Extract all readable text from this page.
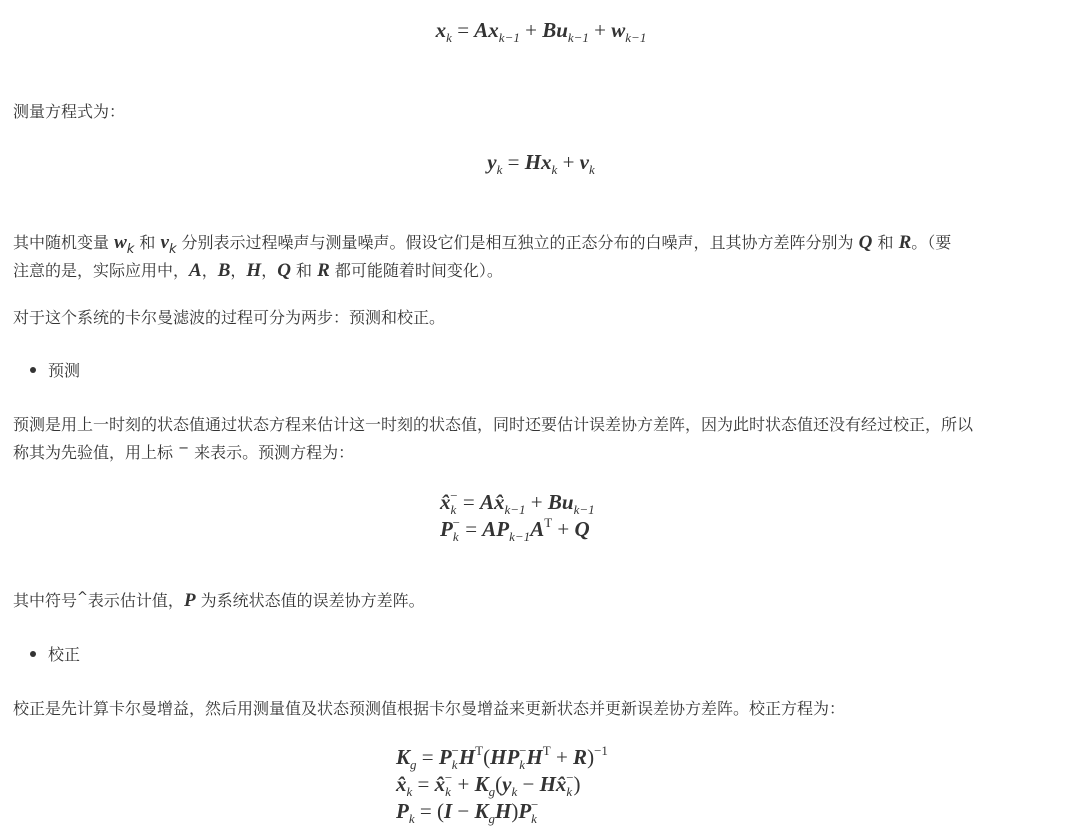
$x_k = Ax_{k-1} + Bu_{k-1} + w_{k-1}$
测量方程式为：
$y_k = Hx_k + v_k$
其中随机变量 $w_k$ 和 $v_k$ 分别表示过程噪声与测量噪声。假设它们是相互独立的正态分布的白噪声，且其协方差阵分别为 Q 和 R。（要
注意的是，实际应用中，A，B，H，Q 和 R 都可能随着时间变化）。
对于这个系统的卡尔曼滤波的过程可分为两步：预测和校正。
预测
预测是用上一时刻的状态值通过状态方程来估计这一时刻的状态值，同时还要估计误差协方差阵，因为此时状态值还没有经过校正，所以
称其为先验值，用上标 − 来表示。预测方程为：
$x̂_k^-$ = $Ax̂_{k-1} + Bu_{k-1}$
$P_k^- = AP_{k-1}A^T + Q$
其中符号^表示估计值，P 为系统状态值的误差协方差阵。
校正
校正是先计算卡尔曼增益，然后用测量值及状态预测值根据卡尔曼增益来更新状态并更新误差协方差阵。校正方程为：
$K_g = P_k^-H^T(HP_k^-H^T + R)^{-1}$
$x̂_k$ = $x̂_k^- + K_g(y_k$ − $Hx̂_k^-$)
$P_k = (I - K_gH)P_k^-$
